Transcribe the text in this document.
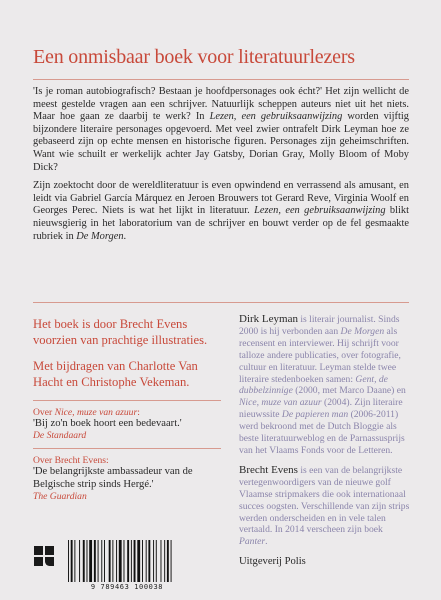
Een onmisbaar boek voor literatuurlezers

'Is je roman autobiografisch? Bestaan je hoofdpersonages ook écht?' Het zijn wellicht de meest gestelde vragen aan een schrijver. Natuurlijk scheppen auteurs niet uit het niets. Maar hoe gaan ze daarbij te werk? In Lezen, een gebruiksaanwijzing worden vijftig bijzondere literaire personages opgevoerd. Met veel zwier ontrafelt Dirk Leyman hoe ze gebaseerd zijn op echte mensen en historische figuren. Personages zijn geheimschriften. Want wie schuilt er werkelijk achter Jay Gatsby, Dorian Gray, Molly Bloom of Moby Dick?

Zijn zoektocht door de wereldliteratuur is even opwindend en verrassend als amusant, en leidt via Gabriel García Márquez en Jeroen Brouwers tot Gerard Reve, Virginia Woolf en Georges Perec. Niets is wat het lijkt in literatuur. Lezen, een gebruiksaanwijzing blikt nieuwsgierig in het laboratorium van de schrijver en bouwt verder op de fel gesmaakte rubriek in De Morgen.

Het boek is door Brecht Evens voorzien van prachtige illustraties.

Met bijdragen van Charlotte Van Hacht en Christophe Vekeman.

Over Nice, muze van azuur:
'Bij zo'n boek hoort een bedevaart.'
De Standaard
Over Brecht Evens:
'De belangrijkste ambassadeur van de Belgische strip sinds Hergé.'
The Guardian

Dirk Leyman is literair journalist. Sinds 2000 is hij verbonden aan De Morgen als recensent en interviewer. Hij schrijft voor talloze andere publicaties, over fotografie, cultuur en literatuur. Leyman stelde twee literaire stedenboeken samen: Gent, de dubbelzinnige (2000, met Marco Daane) en Nice, muze van azuur (2004). Zijn literaire nieuwssite De papieren man (2006-2011) werd bekroond met de Dutch Bloggie als beste literatuurweblog en de Parnassusprijs van het Vlaams Fonds voor de Letteren.

Brecht Evens is een van de belangrijkste vertegenwoordigers van de nieuwe golf Vlaamse stripmakers die ook internationaal succes oogsten. Verschillende van zijn strips werden onderscheiden en in vele talen vertaald. In 2014 verscheen zijn boek Panter.

Uitgeverij Polis
9 789463 100038
